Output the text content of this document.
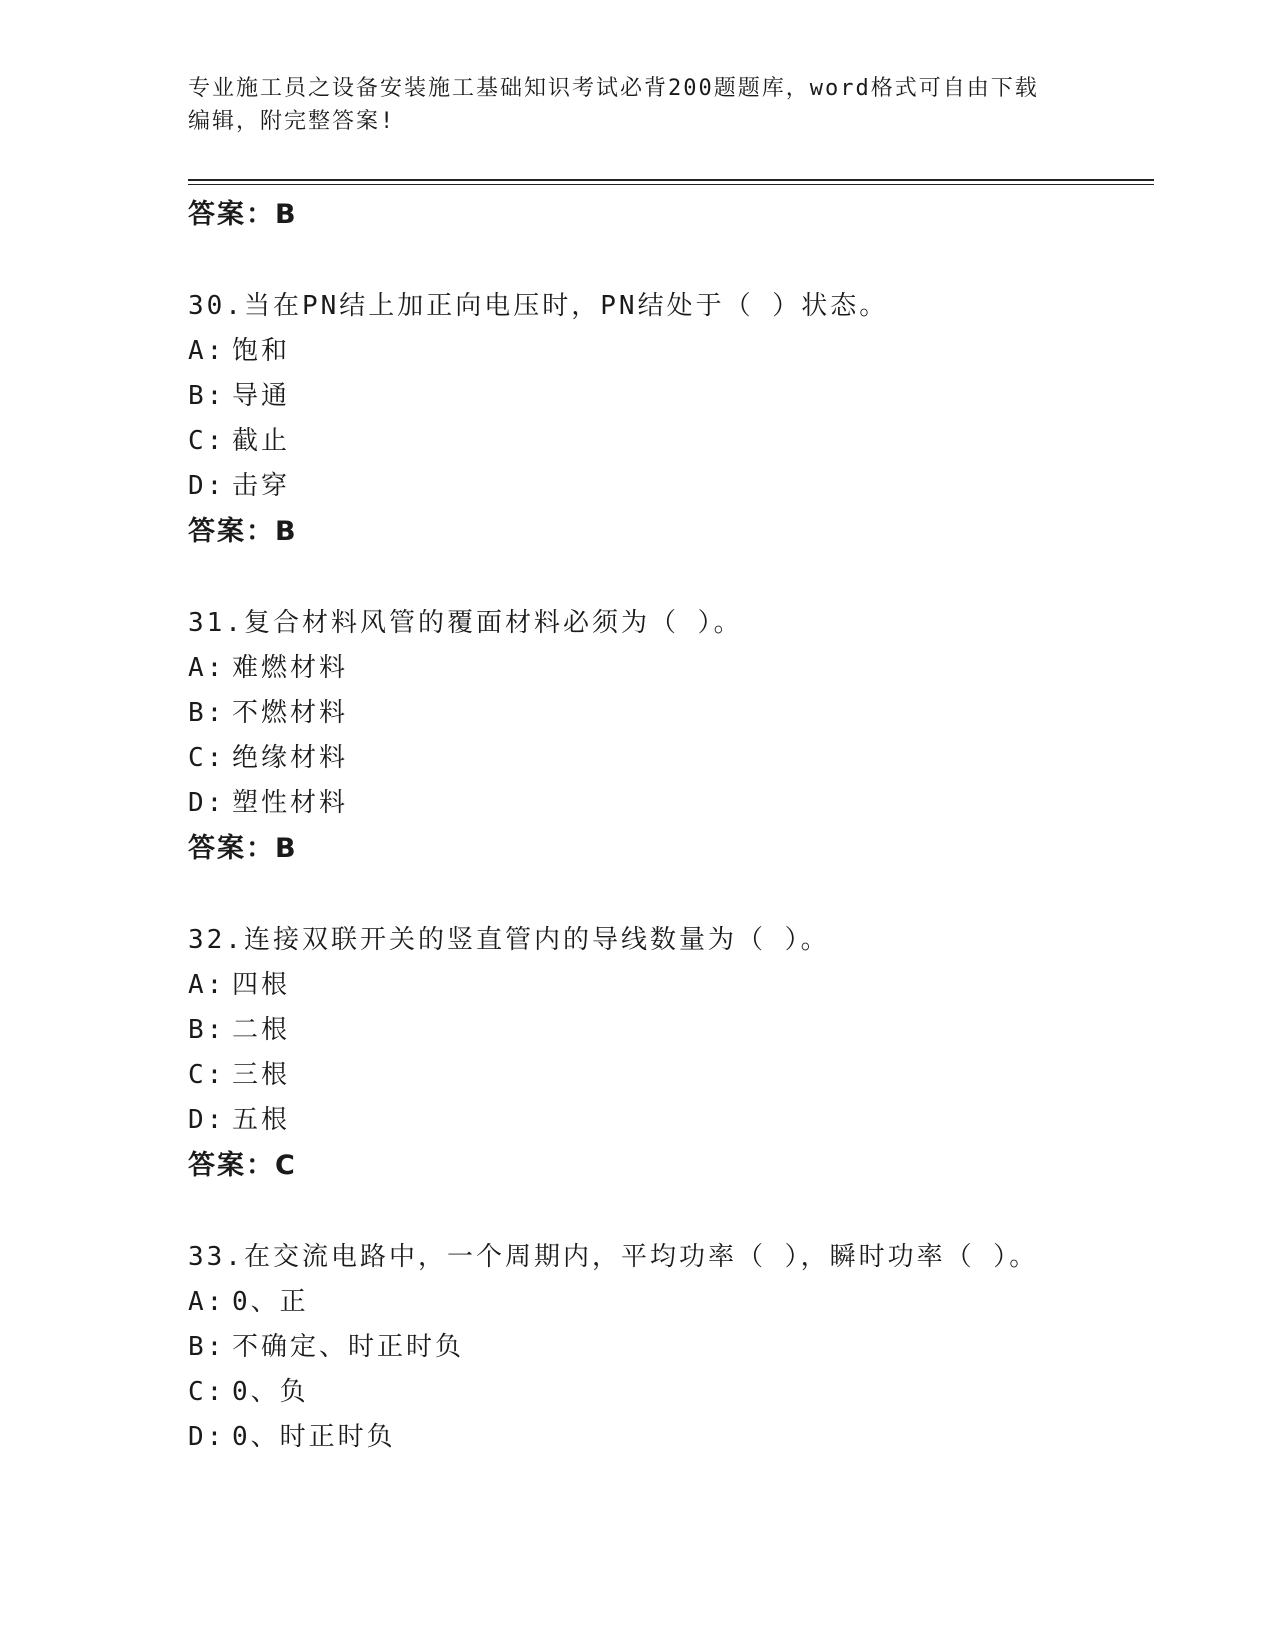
专业施工员之设备安装施工基础知识考试必背200题题库，word格式可自由下载
编辑，附完整答案!
答案：B
30.当在PN结上加正向电压时，PN结处于（ ）状态。
A: 饱和
B: 导通
C: 截止
D: 击穿
答案：B
31.复合材料风管的覆面材料必须为（ ）。
A: 难燃材料
B: 不燃材料
C: 绝缘材料
D: 塑性材料
答案：B
32.连接双联开关的竖直管内的导线数量为（ ）。
A: 四根
B: 二根
C: 三根
D: 五根
答案：C
33.在交流电路中，一个周期内，平均功率（ ），瞬时功率（ ）。
A: 0、正
B: 不确定、时正时负
C: 0、负
D: 0、时正时负
